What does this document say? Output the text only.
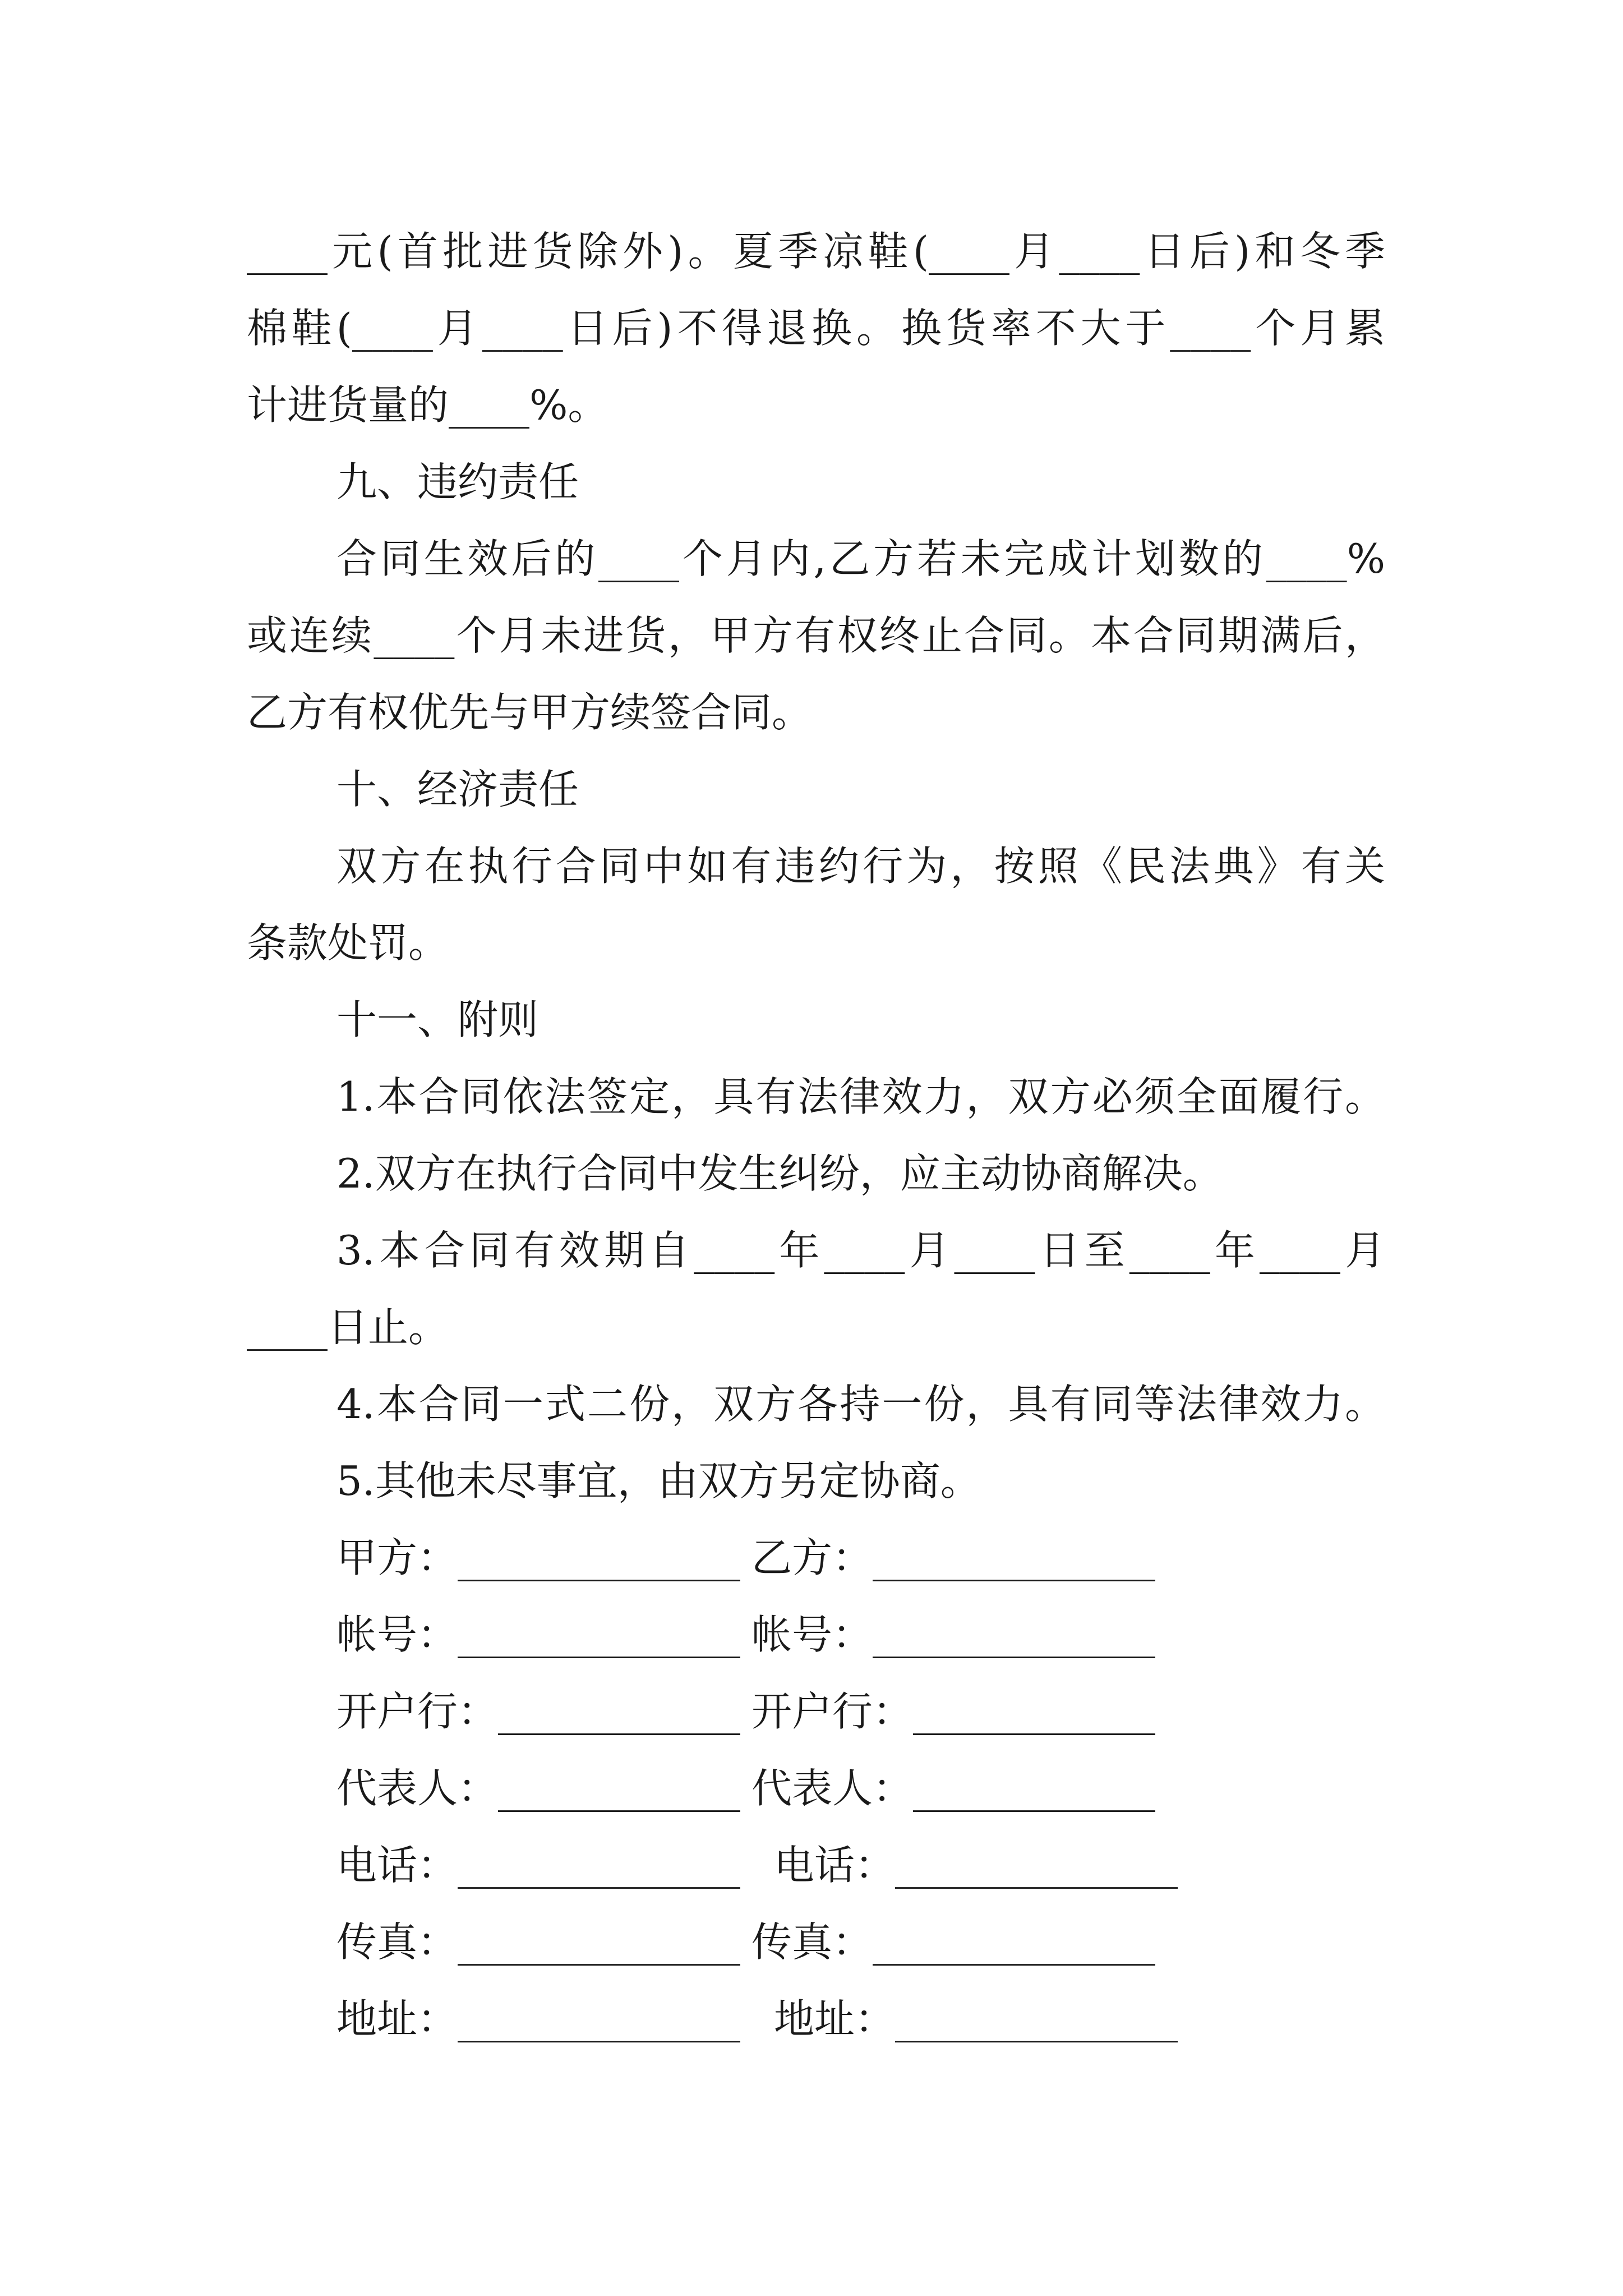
____元(首批进货除外)。夏季凉鞋(____月____日后)和冬季
棉鞋(____月____日后)不得退换。换货率不大于____个月累
计进货量的____%。
九、违约责任
合同生效后的____个月内,乙方若未完成计划数的____%
或连续____个月未进货，甲方有权终止合同。本合同期满后，
乙方有权优先与甲方续签合同。
十、经济责任
双方在执行合同中如有违约行为，按照《民法典》有关
条款处罚。
十一、附则
1.本合同依法签定，具有法律效力，双方必须全面履行。
2.双方在执行合同中发生纠纷，应主动协商解决。
3.本合同有效期自____年____月____日至____年____月
____日止。
4.本合同一式二份，双方各持一份，具有同等法律效力。
5.其他未尽事宜，由双方另定协商。
甲方：______________ 乙方：______________
帐号：______________ 帐号：______________
开户行：____________ 开户行：____________
代表人：____________ 代表人：____________
电话：______________ 电话：______________
传真：______________ 传真：______________
地址：______________ 地址：______________
